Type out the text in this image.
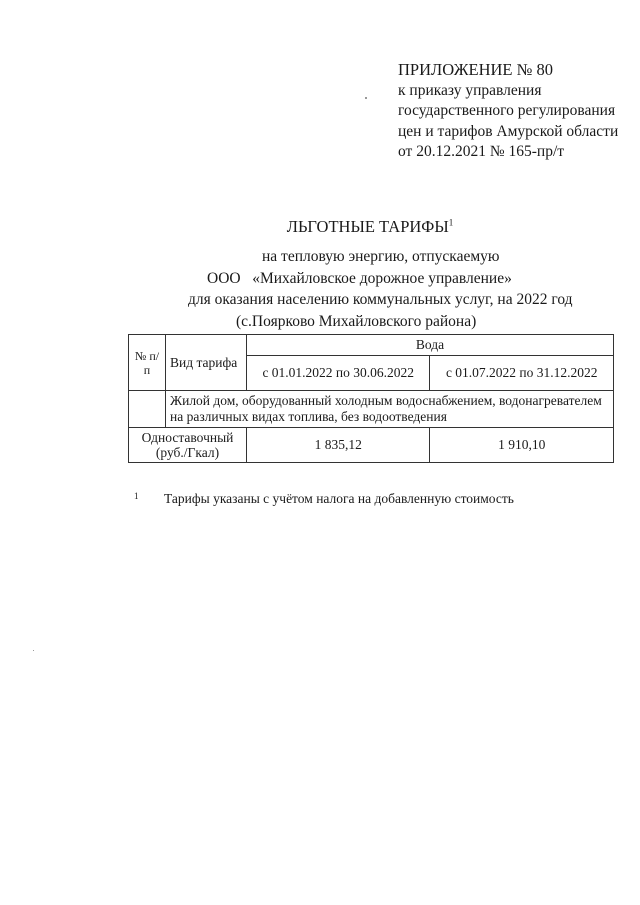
ПРИЛОЖЕНИЕ № 80
к приказу управления
государственного регулирования
цен и тарифов Амурской области
от 20.12.2021 № 165-пр/т
ЛЬГОТНЫЕ ТАРИФЫ$^1$
на тепловую энергию, отпускаемую
ООО   «Михайловское дорожное управление»
для оказания населению коммунальных услуг, на 2022 год
(с.Поярково Михайловского района)
№ п/п	Вид тарифа	Вода	
		с 01.01.2022 по 30.06.2022	с 01.07.2022 по 31.12.2022
	Жилой дом, оборудованный холодным водоснабжением, водонагревателем на различных видах топлива, без водоотведения		
Одноставочный (руб./Гкал)		1 835,12	1 910,10
1 Тарифы указаны с учётом налога на добавленную стоимость
